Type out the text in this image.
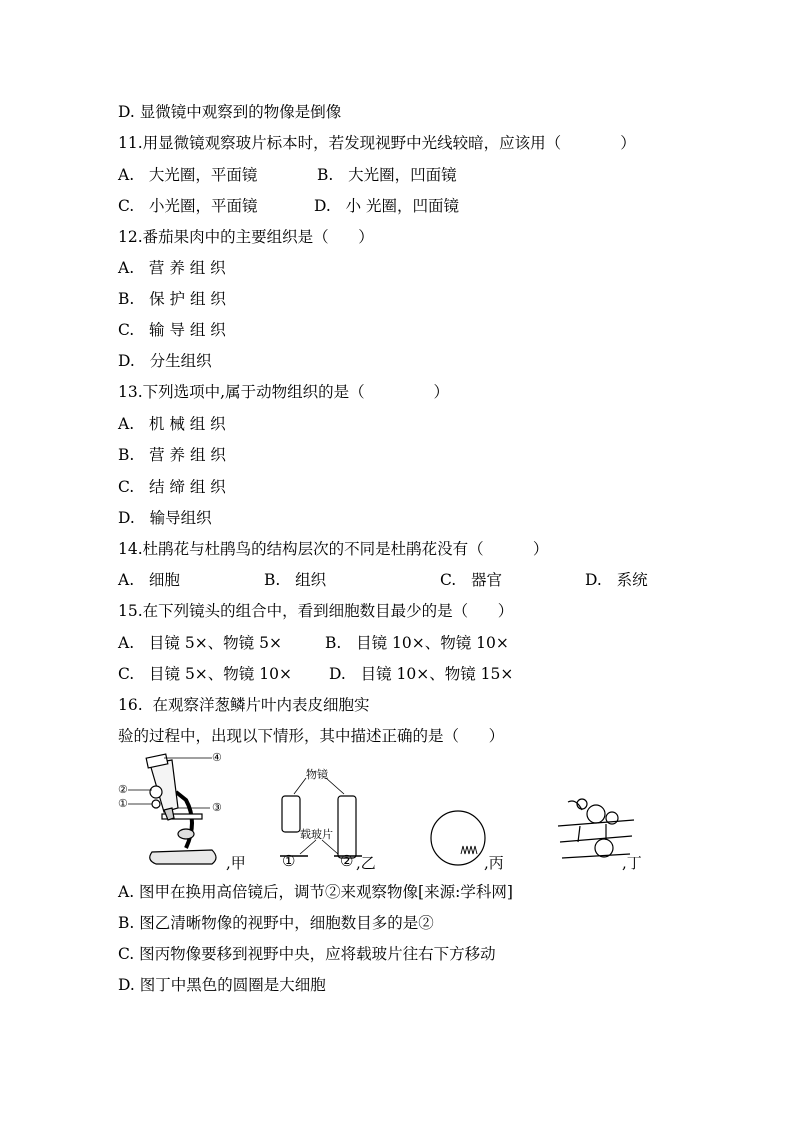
D. 显微镜中观察到的物像是倒像
11.用显微镜观察玻片标本时，若发现视野中光线较暗，应该用（            ）
A.   大光圈，平面镜	B.   大光圈，凹面镜
C.   小光圈，平面镜	D.   小 光圈，凹面镜
12.番茄果肉中的主要组织是（      ）
A.   营 养 组 织
B.   保 护 组 织
C.   输 导 组 织
D.   分生组织
13.下列选项中,属于动物组织的是（              ）
A.   机 械 组 织
B.   营 养 组 织
C.   结 缔 组 织
D.   输导组织
14.杜鹃花与杜鹃鸟的结构层次的不同是杜鹃花没有（          ）
A.   细胞	B.   组织	C.   器官	D.   系统
15.在下列镜头的组合中，看到细胞数目最少的是（      ）
A.   目镜 5×、物镜 5×	B.   目镜 10×、物镜 10×
C.   目镜 5×、物镜 10× D.   目镜 10×、物镜 15×
16.  在观察洋葱鳞片叶内表皮细胞实
验的过程中，出现以下情形，其中描述正确的是（      ）
④
②
①	③
,甲
物镜
载玻片
①	② ,乙	,丙	,丁
A. 图甲在换用高倍镜后，调节②来观察物像[来源:学科网]
B. 图乙清晰物像的视野中，细胞数目多的是②
C. 图丙物像要移到视野中央，应将载玻片往右下方移动
D. 图丁中黑色的圆圈是大细胞
